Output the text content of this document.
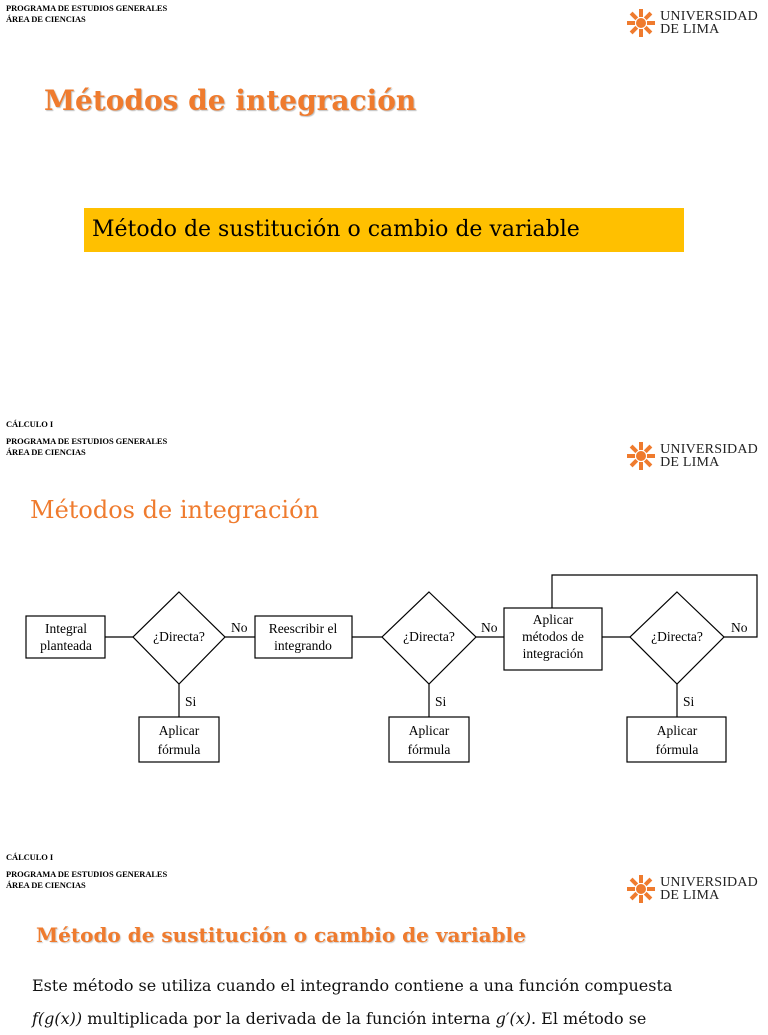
PROGRAMA DE ESTUDIOS GENERALES
ÁREA DE CIENCIAS	UNIVERSIDAD
DE LIMA
Métodos de integración
Método de sustitución o cambio de variable
CÁLCULO I
PROGRAMA DE ESTUDIOS GENERALES
ÁREA DE CIENCIAS	UNIVERSIDAD
DE LIMA
Métodos de integración
Integral
planteada
¿Directa?
Reescribir el
integrando
¿Directa?
Aplicar
métodos de
integración
¿Directa?
Aplicar
fórmula
Aplicar
fórmula
Aplicar
fórmula
No	No	No
Si	Si	Si
CÁLCULO I
PROGRAMA DE ESTUDIOS GENERALES
ÁREA DE CIENCIAS	UNIVERSIDAD
DE LIMA
Método de sustitución o cambio de variable
Este método se utiliza cuando el integrando contiene a una función compuesta
f(g(x)) multiplicada por la derivada de la función interna g′(x). El método se
